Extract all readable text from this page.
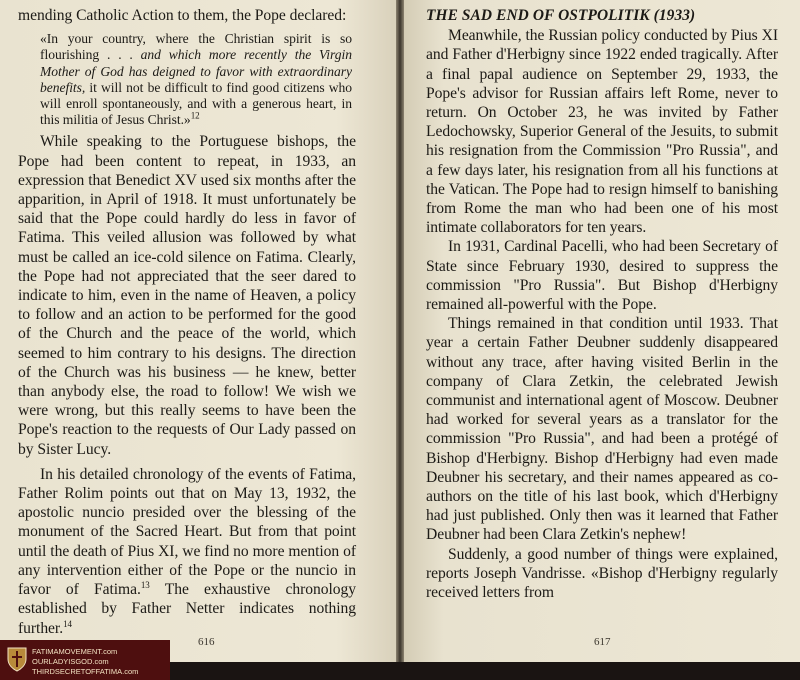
mending Catholic Action to them, the Pope declared:

«In your country, where the Christian spirit is so flourishing . . . and which more recently the Virgin Mother of God has deigned to favor with extraordinary benefits, it will not be difficult to find good citizens who will enroll spontaneously, and with a generous heart, in this militia of Jesus Christ.»$^{12}$

While speaking to the Portuguese bishops, the Pope had been content to repeat, in 1933, an expression that Benedict XV used six months after the apparition, in April of 1918. It must unfortunately be said that the Pope could hardly do less in favor of Fatima. This veiled allusion was followed by what must be called an ice-cold silence on Fatima. Clearly, the Pope had not appreciated that the seer dared to indicate to him, even in the name of Heaven, a policy to follow and an action to be performed for the good of the Church and the peace of the world, which seemed to him contrary to his designs. The direction of the Church was his business — he knew, better than anybody else, the road to follow! We wish we were wrong, but this really seems to have been the Pope's reaction to the requests of Our Lady passed on by Sister Lucy.

In his detailed chronology of the events of Fatima, Father Rolim points out that on May 13, 1932, the apostolic nuncio presided over the blessing of the monument of the Sacred Heart. But from that point until the death of Pius XI, we find no more mention of any intervention either of the Pope or the nuncio in favor of Fatima.$^{13}$ The exhaustive chronology established by Father Netter indicates nothing further.$^{14}$

616

THE SAD END OF OSTPOLITIK (1933)

Meanwhile, the Russian policy conducted by Pius XI and Father d'Herbigny since 1922 ended tragically. After a final papal audience on September 29, 1933, the Pope's advisor for Russian affairs left Rome, never to return. On October 23, he was invited by Father Ledochowsky, Superior General of the Jesuits, to submit his resignation from the Commission "Pro Russia", and a few days later, his resignation from all his functions at the Vatican. The Pope had to resign himself to banishing from Rome the man who had been one of his most intimate collaborators for ten years.

In 1931, Cardinal Pacelli, who had been Secretary of State since February 1930, desired to suppress the commission "Pro Russia". But Bishop d'Herbigny remained all-powerful with the Pope.

Things remained in that condition until 1933. That year a certain Father Deubner suddenly disappeared without any trace, after having visited Berlin in the company of Clara Zetkin, the celebrated Jewish communist and international agent of Moscow. Deubner had worked for several years as a translator for the commission "Pro Russia", and had been a protégé of Bishop d'Herbigny. Bishop d'Herbigny had even made Deubner his secretary, and their names appeared as co-authors on the title of his last book, which d'Herbigny had just published. Only then was it learned that Father Deubner had been Clara Zetkin's nephew!

Suddenly, a good number of things were explained, reports Joseph Vandrisse. «Bishop d'Herbigny regularly received letters from

617
FATIMAMOVEMENT.com
OURLADYISGOD.com
THIRDSECRETOFFATIMA.com
